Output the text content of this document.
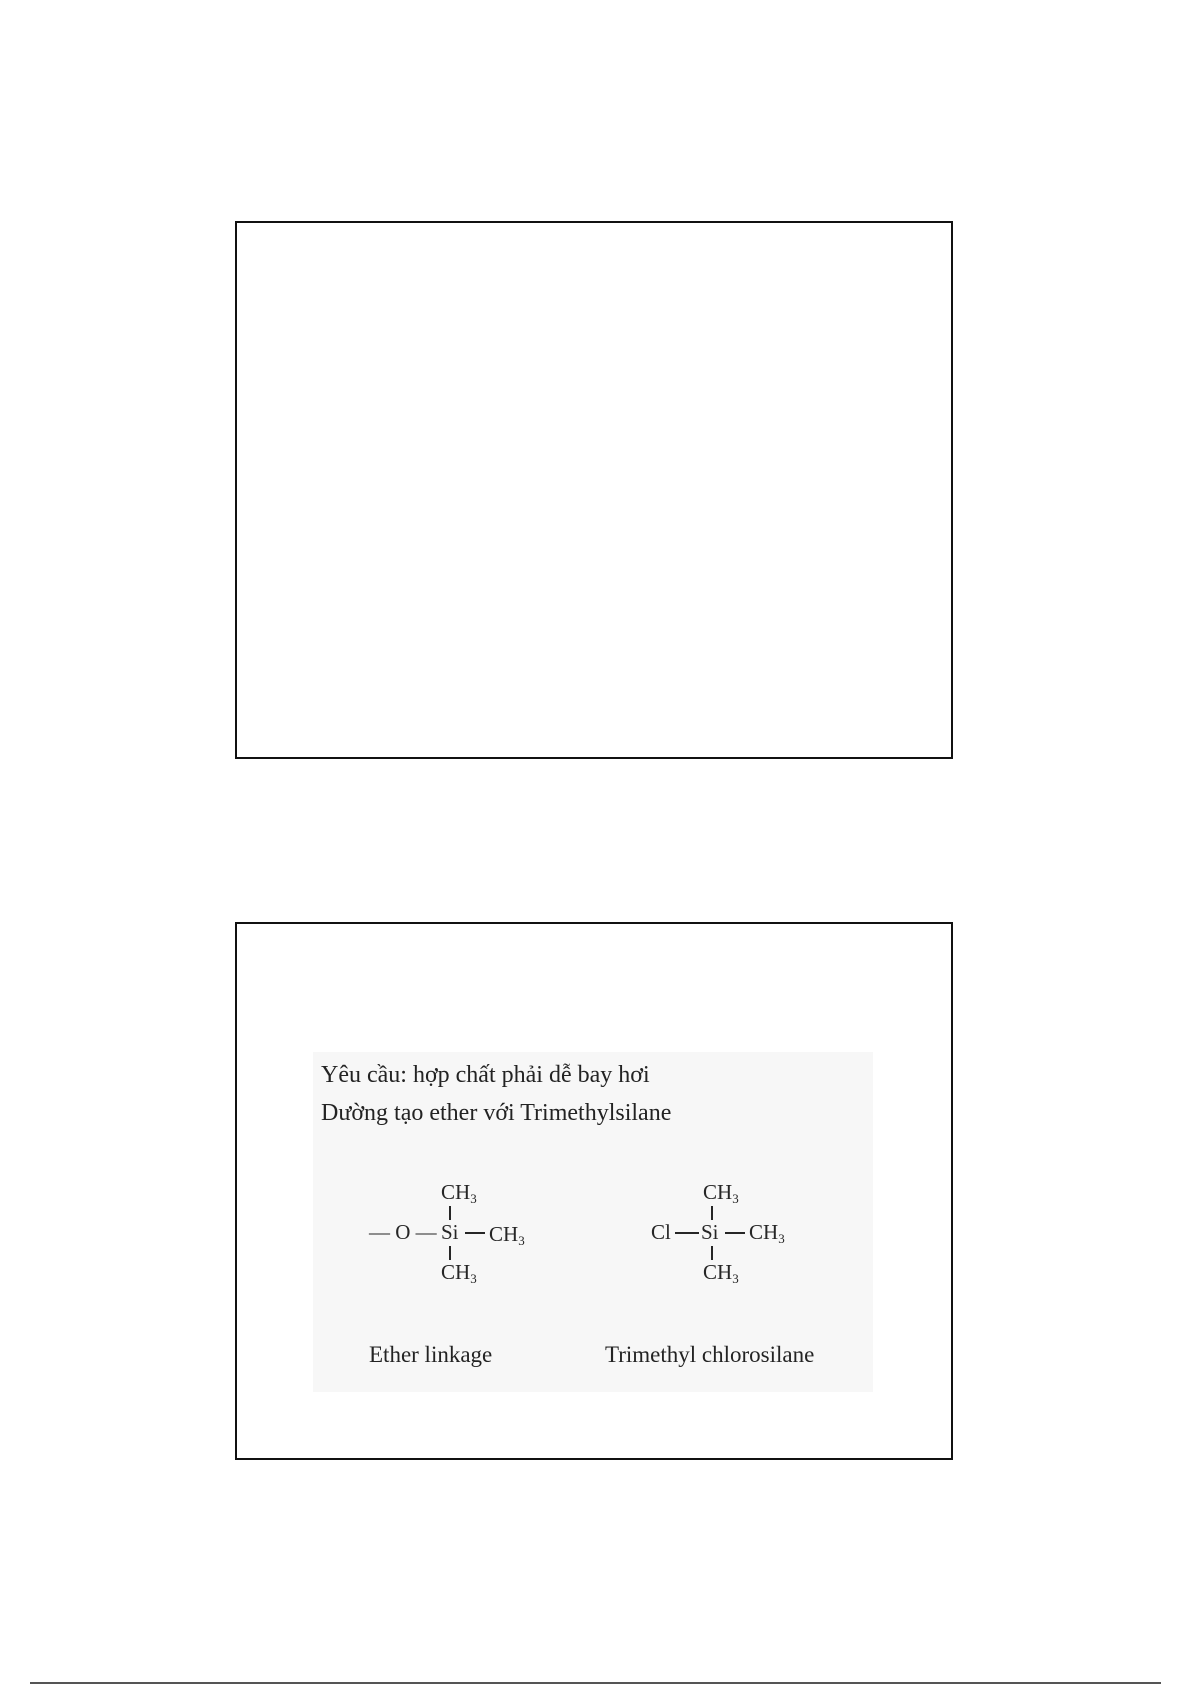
Yêu cầu: hợp chất phải dễ bay hơi
Dường tạo ether với Trimethylsilane
$CH_3$
— O — Si $CH_3$
$CH_3$
$CH_3$
Cl Si $CH_3$
$CH_3$
Ether linkage	Trimethyl chlorosilane
